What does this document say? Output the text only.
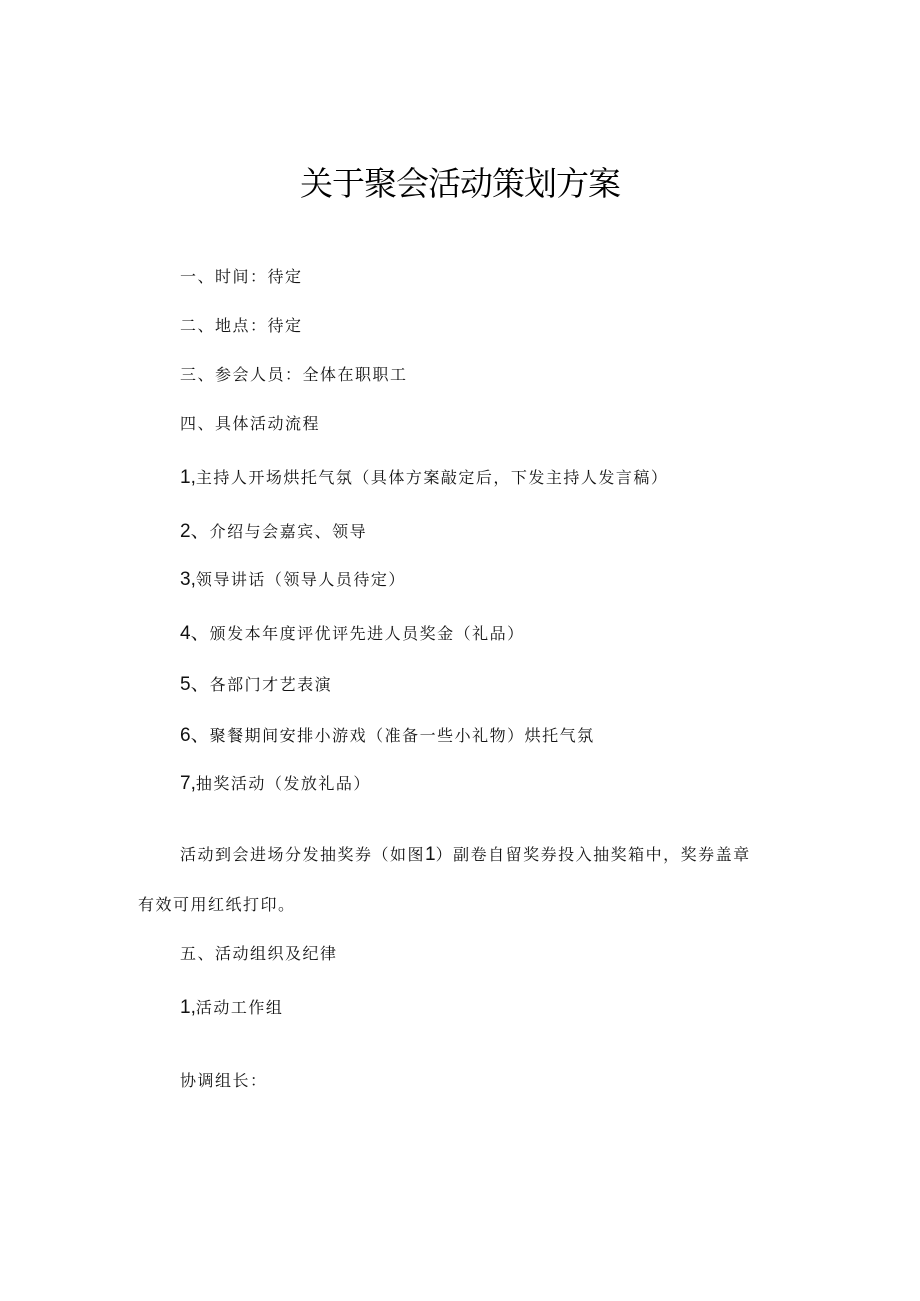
关于聚会活动策划方案
一、时间：待定
二、地点：待定
三、参会人员：全体在职职工
四、具体活动流程
1,主持人开场烘托气氛（具体方案敲定后，下发主持人发言稿）
2、介绍与会嘉宾、领导
3,领导讲话（领导人员待定）
4、颁发本年度评优评先进人员奖金（礼品）
5、各部门才艺表演
6、聚餐期间安排小游戏（准备一些小礼物）烘托气氛
7,抽奖活动（发放礼品）
活动到会进场分发抽奖券（如图1）副卷自留奖券投入抽奖箱中，奖券盖章
有效可用红纸打印。
五、活动组织及纪律
1,活动工作组
协调组长：
